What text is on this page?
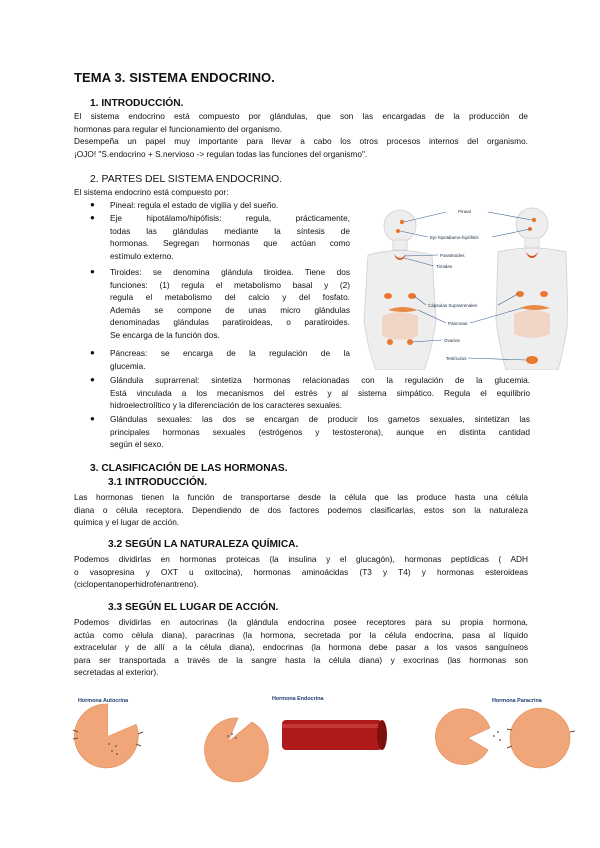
TEMA 3. SISTEMA ENDOCRINO.
1. INTRODUCCIÓN.

El sistema endocrino está compuesto por glándulas, que son las encargadas de la producción de

hormonas para regular el funcionamiento del organismo.

Desempeña un papel muy importante para llevar a cabo los otros procesos internos del organismo.

¡OJO! "S.endocrino + S.nervioso -> regulan todas las funciones del organismo".

2. PARTES DEL SISTEMA ENDOCRINO.
El sistema endocrino está compuesto por:
● Pineal: regula el estado de vigilia y del sueño.

● Eje hipotálamo/hipófisis: regula, prácticamente,

todas las glándulas mediante la síntesis de

hormonas. Segregan hormonas que actúan como

estímulo externo.

● Tiroides: se denomina glándula tiroidea. Tiene dos

funciones: (1) regula el metabolismo basal y (2)

regula el metabolismo del calcio y del fosfato.

Además se compone de unas micro glándulas

denominadas glándulas paratiroideas, o paratiroides.

Se encarga de la función dos.

● Páncreas: se encarga de la regulación de la

glucemia.

● Glándula suprarrenal: sintetiza hormonas relacionadas con la regulación de la glucemia.

Está vinculada a los mecanismos del estrés y al sistema simpático. Regula el equilibrio

hidroelectrolítico y la diferenciación de los caracteres sexuales.

● Glándulas sexuales: las dos se encargan de producir los gametos sexuales, sintetizan las

principales hormonas sexuales (estrógenos y testosterona), aunque en distinta cantidad

según el sexo.

Pineal
Eje hipotálamo-hipófisis
Paratiroides
Tiroides
Cápsulas Suprarrenales
Páncreas
Ovarios
Testículos
3. CLASIFICACIÓN DE LAS HORMONAS.
3.1 INTRODUCCIÓN.

Las hormonas tienen la función de transportarse desde la célula que las produce hasta una célula

diana o célula receptora. Dependiendo de dos factores podemos clasificarlas, estos son la naturaleza

química y el lugar de acción.

3.2 SEGÚN LA NATURALEZA QUÍMICA.

Podemos dividirlas en hormonas proteicas (la insulina y el glucagón), hormonas peptídicas ( ADH

o vasopresina y OXT u oxitocina), hormonas aminoácidas (T3 y T4) y hormonas esteroideas

(ciclopentanoperhidrofenantreno).

3.3 SEGÚN EL LUGAR DE ACCIÓN.

Podemos dividirlas en autocrinas (la glándula endocrina posee receptores para su propia hormona,

actúa como célula diana), paracrinas (la hormona, secretada por la célula endocrina, pasa al líquido

extracelular y de allí a la célula diana), endocrinas (la hormona debe pasar a los vasos sanguíneos

para ser transportada a través de la sangre hasta la célula diana) y exocrinas (las hormonas son

secretadas al exterior).

Hormona Autocrina	Hormona Endocrina	Hormona Paracrina
